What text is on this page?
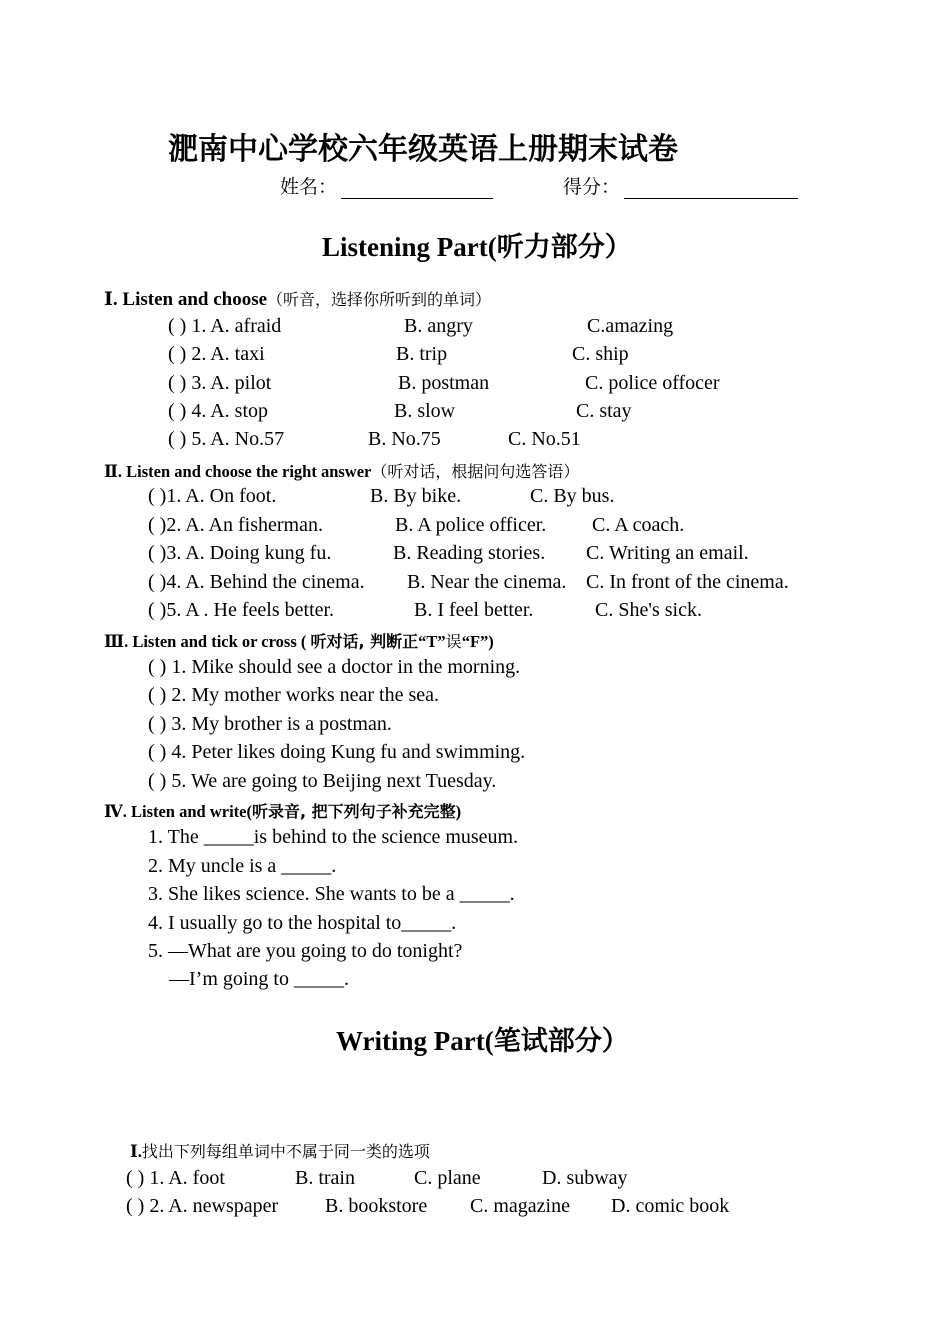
淝南中心学校六年级英语上册期末试卷
姓名：	得分：
Listening Part(听力部分）
Ⅰ. Listen and choose（听音，选择你所听到的单词）
( ) 1. A. afraid	B. angry	C.amazing
( ) 2. A. taxi	B. trip	C. ship
( ) 3. A. pilot	B. postman	C. police offocer
( ) 4. A. stop	B. slow	C. stay
( ) 5. A. No.57	B. No.75	C. No.51
Ⅱ. Listen and choose the right answer（听对话，根据问句选答语）
( )1. A. On foot.	B. By bike.	C. By bus.
( )2. A. An fisherman.	B. A police officer. C. A coach.
( )3. A. Doing kung fu.	B. Reading stories. C. Writing an email.
( )4. A. Behind the cinema. B. Near the cinema. C. In front of the cinema.
( )5. A . He feels better.	B. I feel better.	C. She's sick.
Ⅲ. Listen and tick or cross ( 听对话, 判断正“T”误“F”)
( ) 1. Mike should see a doctor in the morning.
( ) 2. My mother works near the sea.
( ) 3. My brother is a postman.
( ) 4. Peter likes doing Kung fu and swimming.
( ) 5. We are going to Beijing next Tuesday.
Ⅳ. Listen and write(听录音, 把下列句子补充完整)
1. The _____is behind to the science museum.
2. My uncle is a _____.
3. She likes science. She wants to be a _____.
4. I usually go to the hospital to_____.
5. —What are you going to do tonight?
—I’m going to _____.
Writing Part(笔试部分）
Ⅰ.找出下列每组单词中不属于同一类的选项
( ) 1. A. foot	B. train	C. plane	D. subway
( ) 2. A. newspaper B. bookstore C. magazine D. comic book
